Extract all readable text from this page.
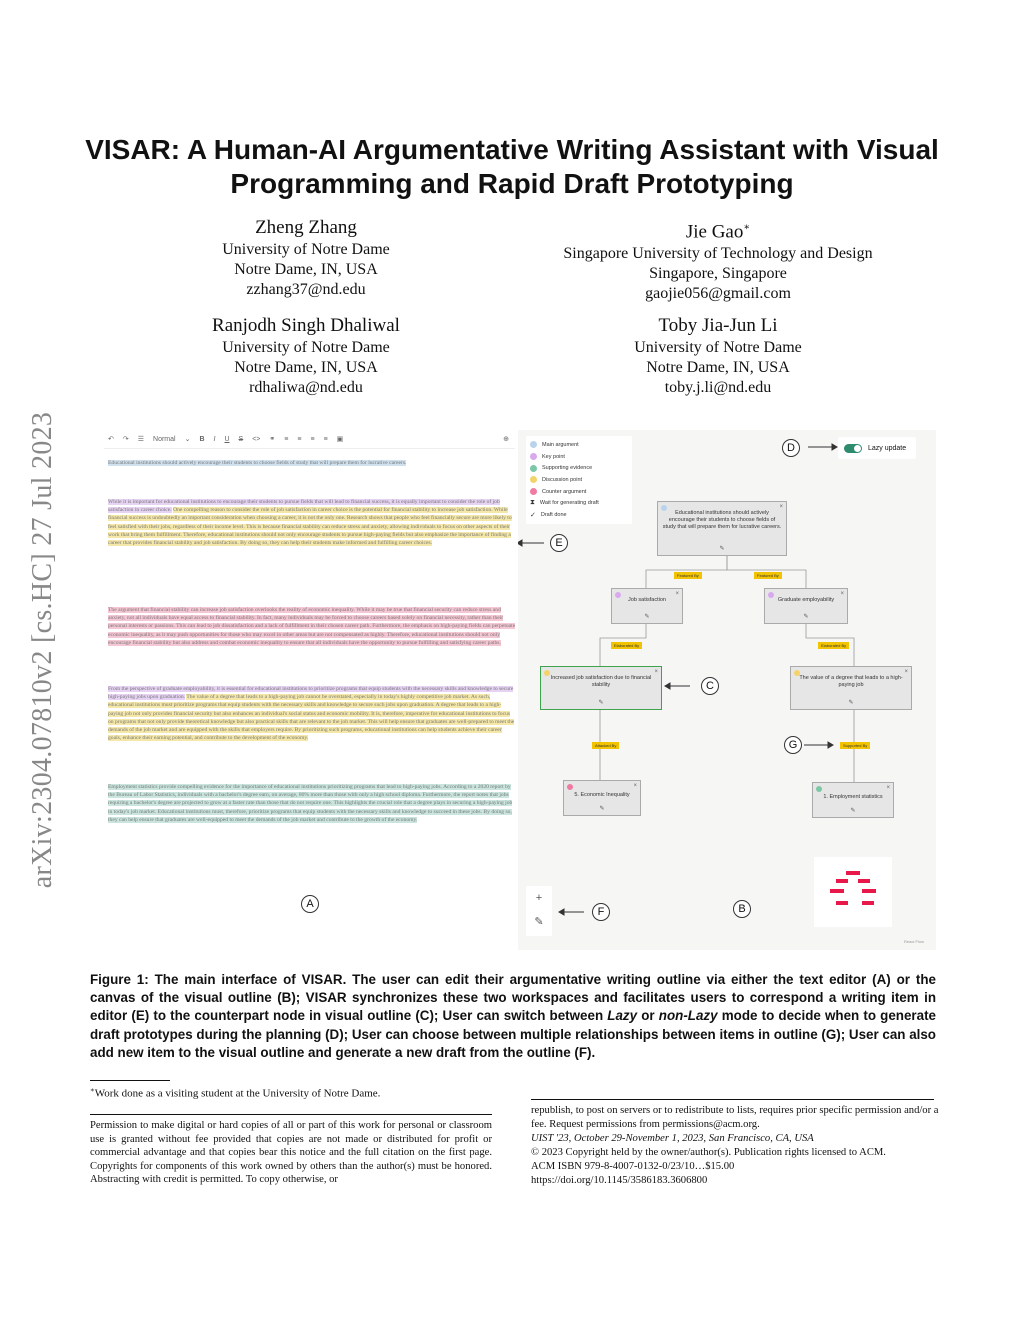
arXiv:2304.07810v2 [cs.HC] 27 Jul 2023
VISAR: A Human-AI Argumentative Writing Assistant with Visual
Programming and Rapid Draft Prototyping
Zheng Zhang
University of Notre Dame
Notre Dame, IN, USA
zzhang37@nd.edu
Jie Gao∗
Singapore University of Technology and Design
Singapore, Singapore
gaojie056@gmail.com
Ranjodh Singh Dhaliwal
University of Notre Dame
Notre Dame, IN, USA
rdhaliwa@nd.edu
Toby Jia-Jun Li
University of Notre Dame
Notre Dame, IN, USA
toby.j.li@nd.edu
↶ ↷ ☰ Normal ⌄ B I U S <> ⚭ ≡ ≡ ≡ ≡ ▣	⊕
Educational institutions should actively encourage their students to choose fields of study that will prepare them for lucrative careers.
While it is important for educational institutions to encourage their students to pursue fields that will lead to financial success, it is equally important to consider the role of job satisfaction in career choice. One compelling reason to consider the role of job satisfaction in career choice is the potential for financial stability to increase job satisfaction. While financial success is undoubtedly an important consideration when choosing a career, it is not the only one. Research shows that people who feel financially secure are more likely to feel satisfied with their jobs, regardless of their income level. This is because financial stability can reduce stress and anxiety, allowing individuals to focus on other aspects of their work that bring them fulfillment. Therefore, educational institutions should not only encourage students to pursue high-paying fields but also emphasize the importance of finding a career that provides financial stability and job satisfaction. By doing so, they can help their students make informed and fulfilling career choices.
The argument that financial stability can increase job satisfaction overlooks the reality of economic inequality. While it may be true that financial security can reduce stress and anxiety, not all individuals have equal access to financial stability. In fact, many individuals may be forced to choose careers based solely on financial necessity, rather than their personal interests or passions. This can lead to job dissatisfaction and a lack of fulfillment in their chosen career path. Furthermore, the emphasis on high-paying fields can perpetuate economic inequality, as it may push opportunities for those who may excel in other areas but are not compensated as highly. Therefore, educational institutions should not only encourage financial stability but also address and combat economic inequality to ensure that all individuals have the opportunity to pursue fulfilling and satisfying career paths.
From the perspective of graduate employability, it is essential for educational institutions to prioritize programs that equip students with the necessary skills and knowledge to secure high-paying jobs upon graduation. The value of a degree that leads to a high-paying job cannot be overstated, especially in today's highly competitive job market. As such, educational institutions must prioritize programs that equip students with the necessary skills and knowledge to secure such jobs upon graduation. A degree that leads to a high-paying job not only provides financial security but also enhances an individual's social status and economic mobility. It is, therefore, imperative for educational institutions to focus on programs that not only provide theoretical knowledge but also practical skills that are relevant to the job market. This will help ensure that graduates are well-prepared to meet the demands of the job market and are equipped with the skills that employers require. By prioritizing such programs, educational institutions can help students achieve their career goals, enhance their earning potential, and contribute to the development of the economy.
Employment statistics provide compelling evidence for the importance of educational institutions prioritizing programs that lead to high-paying jobs. According to a 2020 report by the Bureau of Labor Statistics, individuals with a bachelor's degree earn, on average, 80% more than those with only a high school diploma. Furthermore, the report notes that jobs requiring a bachelor's degree are projected to grow at a faster rate than those that do not require one. This highlights the crucial role that a degree plays in securing a high-paying job in today's job market. Educational institutions must, therefore, prioritize programs that equip students with the necessary skills and knowledge to succeed in these jobs. By doing so, they can help ensure that graduates are well-equipped to meet the demands of the job market and contribute to the growth of the economy.
A
Main argument
Key point
Supporting evidence
Discussion point
Counter argument
⧗ Wait for generating draft
✓ Draft done
D	Lazy update
×
Educational institutions should actively encourage their students to choose fields of study that will prepare them for lucrative careers.
✎
E
Featured By	Featured By
×
Job satisfaction
✎
×
Graduate employability
✎
Elaborated By	Elaborated By
×
Increased job satisfaction due to financial stability
✎
C
×
The value of a degree that leads to a high-paying job
✎
Attacked By	G	Supported By
×
5. Economic Inequality
✎
×
1. Employment statistics
✎
+
✎
F	B
React Flow
Figure 1: The main interface of VISAR. The user can edit their argumentative writing outline via either the text editor (A) or the canvas of the visual outline (B); VISAR synchronizes these two workspaces and facilitates users to correspond a writing item in editor (E) to the counterpart node in visual outline (C); User can switch between Lazy or non-Lazy mode to decide when to generate draft prototypes during the planning (D); User can choose between multiple relationships between items in outline (G); User can also add new item to the visual outline and generate a new draft from the outline (F).
∗Work done as a visiting student at the University of Notre Dame.
Permission to make digital or hard copies of all or part of this work for personal or classroom use is granted without fee provided that copies are not made or distributed for profit or commercial advantage and that copies bear this notice and the full citation on the first page. Copyrights for components of this work owned by others than the author(s) must be honored. Abstracting with credit is permitted. To copy otherwise, or
republish, to post on servers or to redistribute to lists, requires prior specific permission and/or a fee. Request permissions from permissions@acm.org.
UIST '23, October 29-November 1, 2023, San Francisco, CA, USA
© 2023 Copyright held by the owner/author(s). Publication rights licensed to ACM.
ACM ISBN 979-8-4007-0132-0/23/10…$15.00
https://doi.org/10.1145/3586183.3606800
